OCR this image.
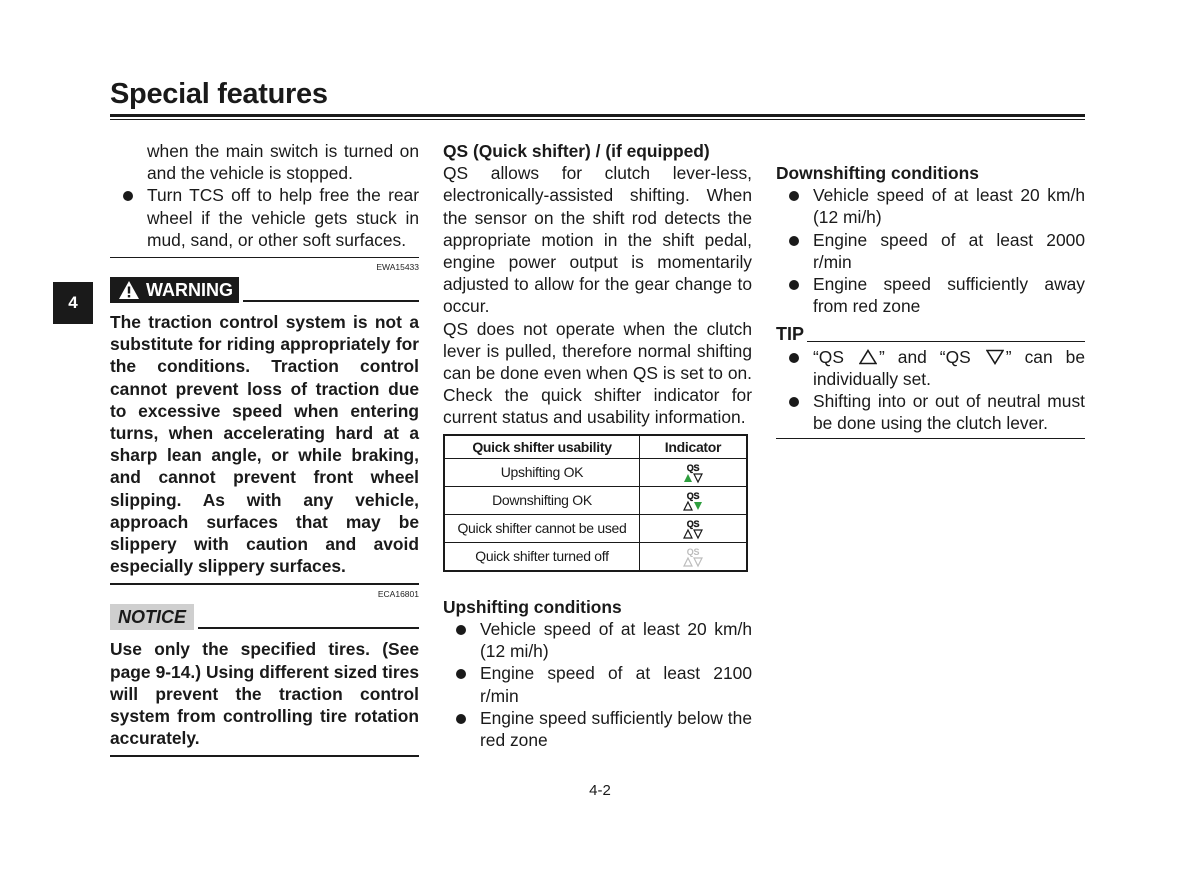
Special features
4

when the main switch is turned on and the vehicle is stopped.

Turn TCS off to help free the rear wheel if the vehicle gets stuck in mud, sand, or other soft surfaces.
EWA15433
WARNING

The traction control system is not a substitute for riding appropriately for the conditions. Traction control cannot prevent loss of traction due to excessive speed when entering turns, when accelerating hard at a sharp lean angle, or while braking, and cannot prevent front wheel slipping. As with any vehicle, approach surfaces that may be slippery with caution and avoid especially slippery surfaces.

ECA16801
NOTICE

Use only the specified tires. (See page 9-14.) Using different sized tires will prevent the traction control system from controlling tire rotation accurately.

QS (Quick shifter) / (if equipped)

QS allows for clutch lever-less, electronically-assisted shifting. When the sensor on the shift rod detects the appropriate motion in the shift pedal, engine power output is momentarily adjusted to allow for the gear change to occur.

QS does not operate when the clutch lever is pulled, therefore normal shifting can be done even when QS is set to on. Check the quick shifter indicator for current status and usability information.

Quick shifter usability	Indicator
Upshifting OK	QS

Downshifting OK	QS

Quick shifter cannot be used	QS

Quick shifter turned off	QS
Upshifting conditions
Vehicle speed of at least 20 km/h (12 mi/h)
Engine speed of at least 2100 r/min
Engine speed sufficiently below the red zone
Downshifting conditions
Vehicle speed of at least 20 km/h (12 mi/h)
Engine speed of at least 2000 r/min
Engine speed sufficiently away from red zone
TIP
“QS ” and “QS ” can be individually set.
Shifting into or out of neutral must be done using the clutch lever.
4-2
